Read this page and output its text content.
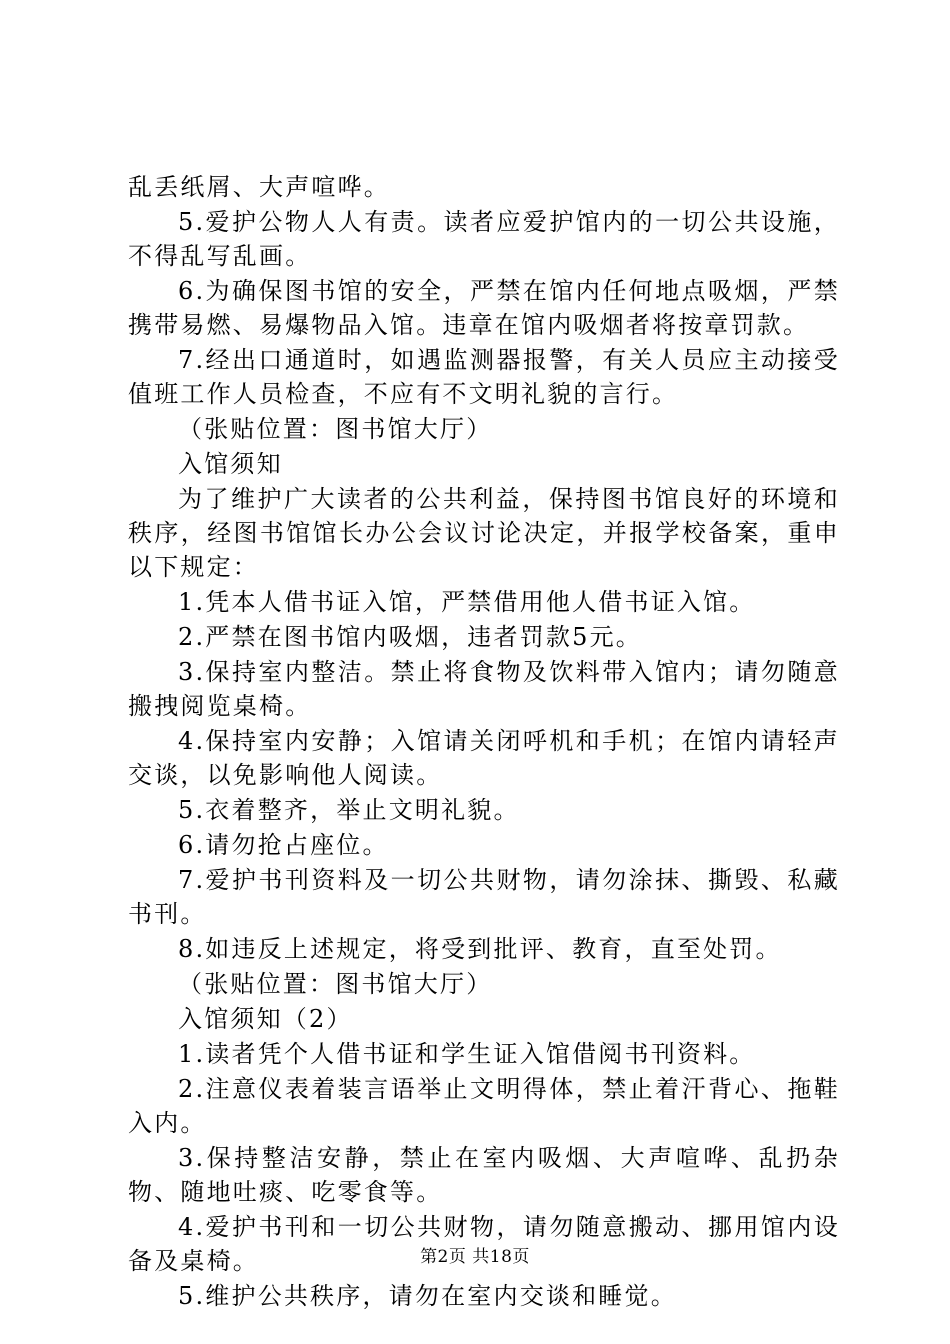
乱丢纸屑、大声喧哗。

5.爱护公物人人有责。读者应爱护馆内的一切公共设施，不得乱写乱画。

6.为确保图书馆的安全，严禁在馆内任何地点吸烟，严禁携带易燃、易爆物品入馆。违章在馆内吸烟者将按章罚款。

7.经出口通道时，如遇监测器报警，有关人员应主动接受值班工作人员检查，不应有不文明礼貌的言行。

（张贴位置：图书馆大厅）

入馆须知

为了维护广大读者的公共利益，保持图书馆良好的环境和秩序，经图书馆馆长办公会议讨论决定，并报学校备案，重申以下规定：

1.凭本人借书证入馆，严禁借用他人借书证入馆。

2.严禁在图书馆内吸烟，违者罚款5元。

3.保持室内整洁。禁止将食物及饮料带入馆内；请勿随意搬拽阅览桌椅。

4.保持室内安静；入馆请关闭呼机和手机；在馆内请轻声交谈，以免影响他人阅读。

5.衣着整齐，举止文明礼貌。

6.请勿抢占座位。

7.爱护书刊资料及一切公共财物，请勿涂抹、撕毁、私藏书刊。

8.如违反上述规定，将受到批评、教育，直至处罚。

（张贴位置：图书馆大厅）

入馆须知（2）

1.读者凭个人借书证和学生证入馆借阅书刊资料。

2.注意仪表着装言语举止文明得体，禁止着汗背心、拖鞋入内。

3.保持整洁安静，禁止在室内吸烟、大声喧哗、乱扔杂物、随地吐痰、吃零食等。

4.爱护书刊和一切公共财物，请勿随意搬动、挪用馆内设备及桌椅。

5.维护公共秩序，请勿在室内交谈和睡觉。

第2页 共18页
